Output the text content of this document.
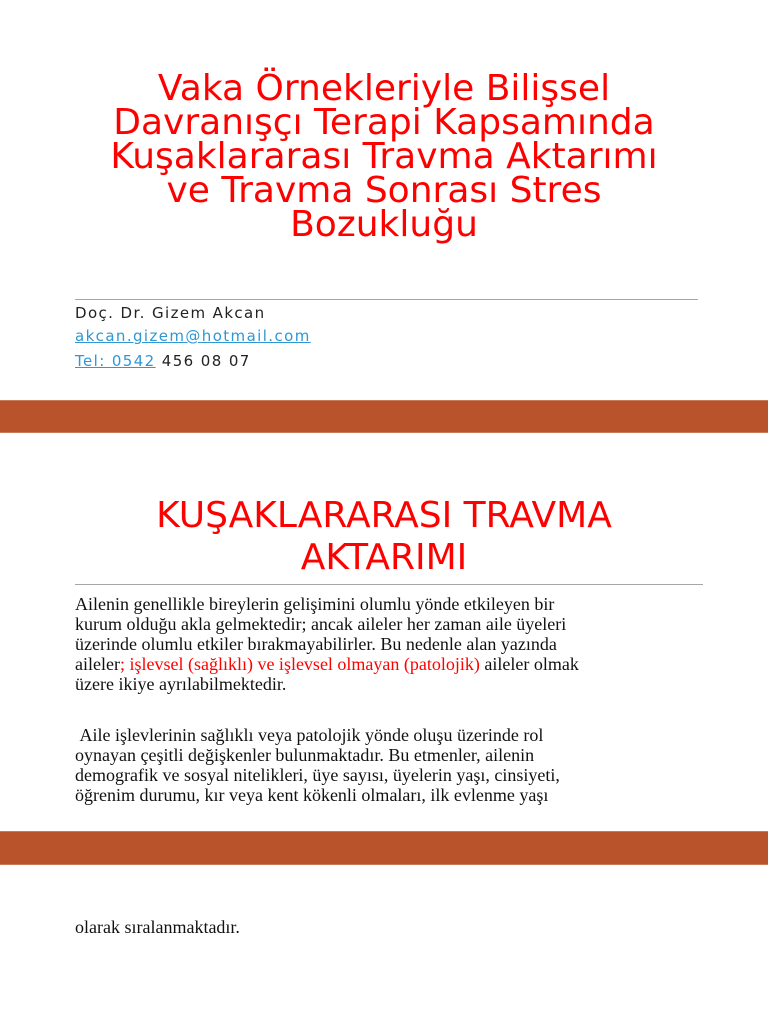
Vaka Örnekleriyle Bilişsel
Davranışçı Terapi Kapsamında
Kuşaklararası Travma Aktarımı
ve Travma Sonrası Stres
Bozukluğu
Doç. Dr. Gizem Akcan
akcan.gizem@hotmail.com
Tel: 0542 456 08 07
KUŞAKLARARASI TRAVMA
AKTARIMI

Ailenin genellikle bireylerin gelişimini olumlu yönde etkileyen bir
kurum olduğu akla gelmektedir; ancak aileler her zaman aile üyeleri
üzerinde olumlu etkiler bırakmayabilirler. Bu nedenle alan yazında
aileler; işlevsel (sağlıklı) ve işlevsel olmayan (patolojik) aileler olmak
üzere ikiye ayrılabilmektedir.

Aile işlevlerinin sağlıklı veya patolojik yönde oluşu üzerinde rol
oynayan çeşitli değişkenler bulunmaktadır. Bu etmenler, ailenin
demografik ve sosyal nitelikleri, üye sayısı, üyelerin yaşı, cinsiyeti,
öğrenim durumu, kır veya kent kökenli olmaları, ilk evlenme yaşı

olarak sıralanmaktadır.
